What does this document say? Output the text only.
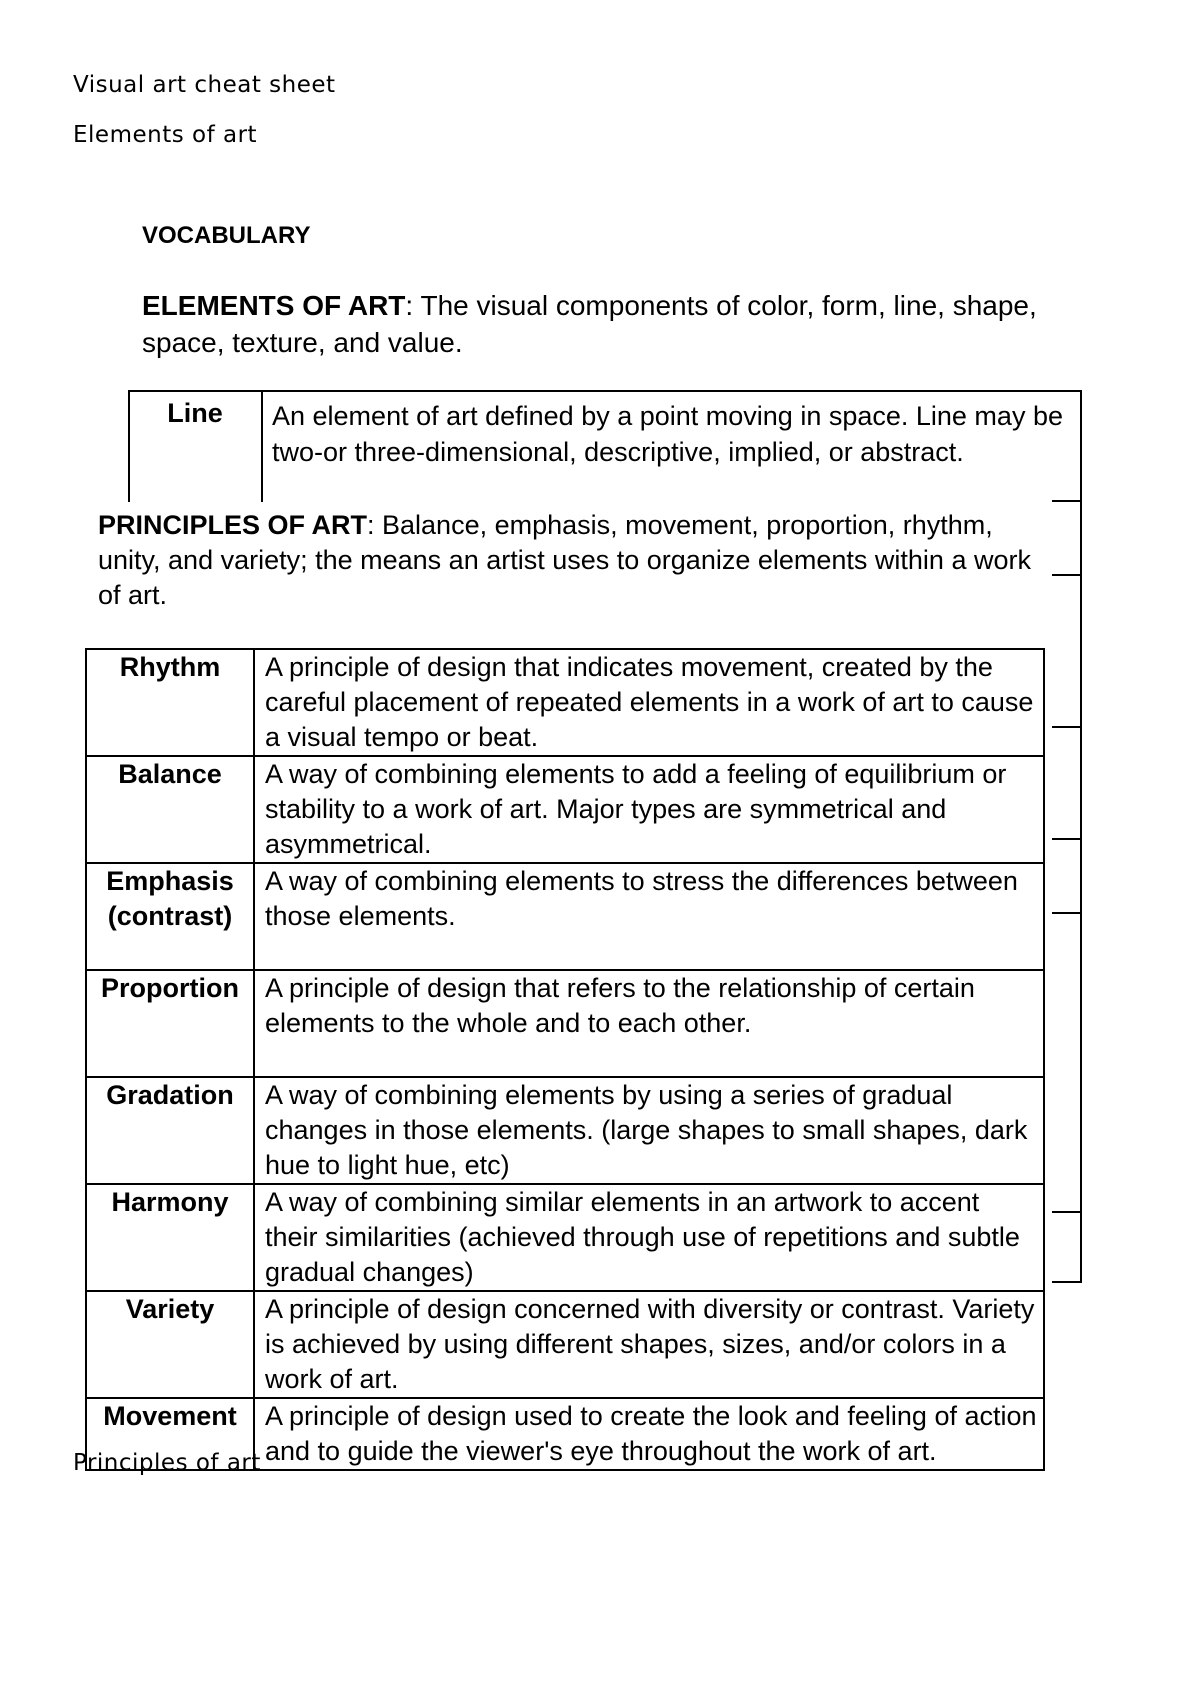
Visual art cheat sheet
Elements of art
VOCABULARY
ELEMENTS OF ART: The visual components of color, form, line, shape, space, texture, and value.
Line	An element of art defined by a point moving in space. Line may be two-or three-dimensional, descriptive, implied, or abstract.
PRINCIPLES OF ART: Balance, emphasis, movement, proportion, rhythm, unity, and variety; the means an artist uses to organize elements within a work of art.
Rhythm	A principle of design that indicates movement, created by the careful placement of repeated elements in a work of art to cause a visual tempo or beat.
Balance	A way of combining elements to add a feeling of equilibrium or stability to a work of art. Major types are symmetrical and asymmetrical.
Emphasis (contrast)	A way of combining elements to stress the differences between those elements.
Proportion	A principle of design that refers to the relationship of certain elements to the whole and to each other.
Gradation	A way of combining elements by using a series of gradual changes in those elements. (large shapes to small shapes, dark hue to light hue, etc)
Harmony	A way of combining similar elements in an artwork to accent their similarities (achieved through use of repetitions and subtle gradual changes)
Variety	A principle of design concerned with diversity or contrast. Variety is achieved by using different shapes, sizes, and/or colors in a work of art.
Movement	A principle of design used to create the look and feeling of action and to guide the viewer's eye throughout the work of art.
Principles of art
